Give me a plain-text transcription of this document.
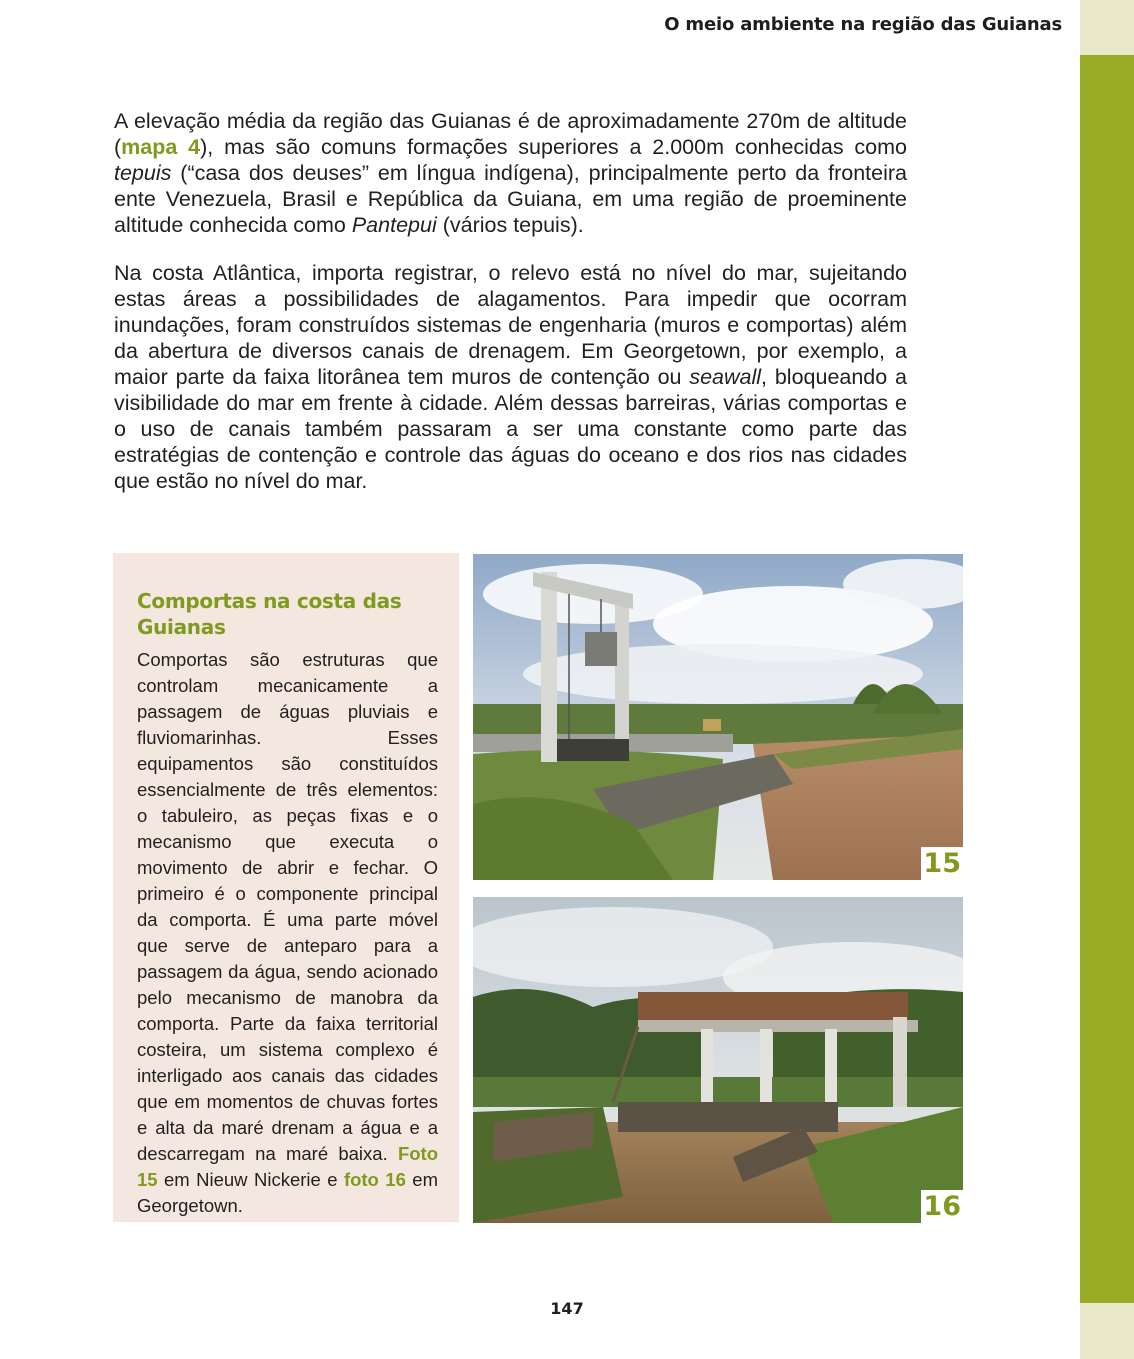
O meio ambiente na região das Guianas

A elevação média da região das Guianas é de aproximadamente 270m de altitude (mapa 4), mas são comuns formações superiores a 2.000m conhecidas como tepuis (“casa dos deuses” em língua indígena), principalmente perto da fronteira ente Venezuela, Brasil e República da Guiana, em uma região de proeminente altitude conhecida como Pantepui (vários tepuis).

Na costa Atlântica, importa registrar, o relevo está no nível do mar, sujeitando estas áreas a possibilidades de alagamentos. Para impedir que ocorram inundações, foram construídos sistemas de engenharia (muros e comportas) além da abertura de diversos canais de drenagem. Em Georgetown, por exemplo, a maior parte da faixa litorânea tem muros de contenção ou seawall, bloqueando a visibilidade do mar em frente à cidade. Além dessas barreiras, várias comportas e o uso de canais também passaram a ser uma constante como parte das estratégias de contenção e controle das águas do oceano e dos rios nas cidades que estão no nível do mar.

Comportas na costa das Guianas

Comportas são estruturas que controlam mecanicamente a passagem de águas pluviais e fluviomarinhas. Esses equipamentos são constituídos essencialmente de três elementos: o tabuleiro, as peças fixas e o mecanismo que executa o movimento de abrir e fechar. O primeiro é o componente principal da comporta. É uma parte móvel que serve de anteparo para a passagem da água, sendo acionado pelo mecanismo de manobra da comporta. Parte da faixa territorial costeira, um sistema complexo é interligado aos canais das cidades que em momentos de chuvas fortes e alta da maré drenam a água e a descarregam na maré baixa. Foto 15 em Nieuw Nickerie e foto 16 em Georgetown.

15
16
147
